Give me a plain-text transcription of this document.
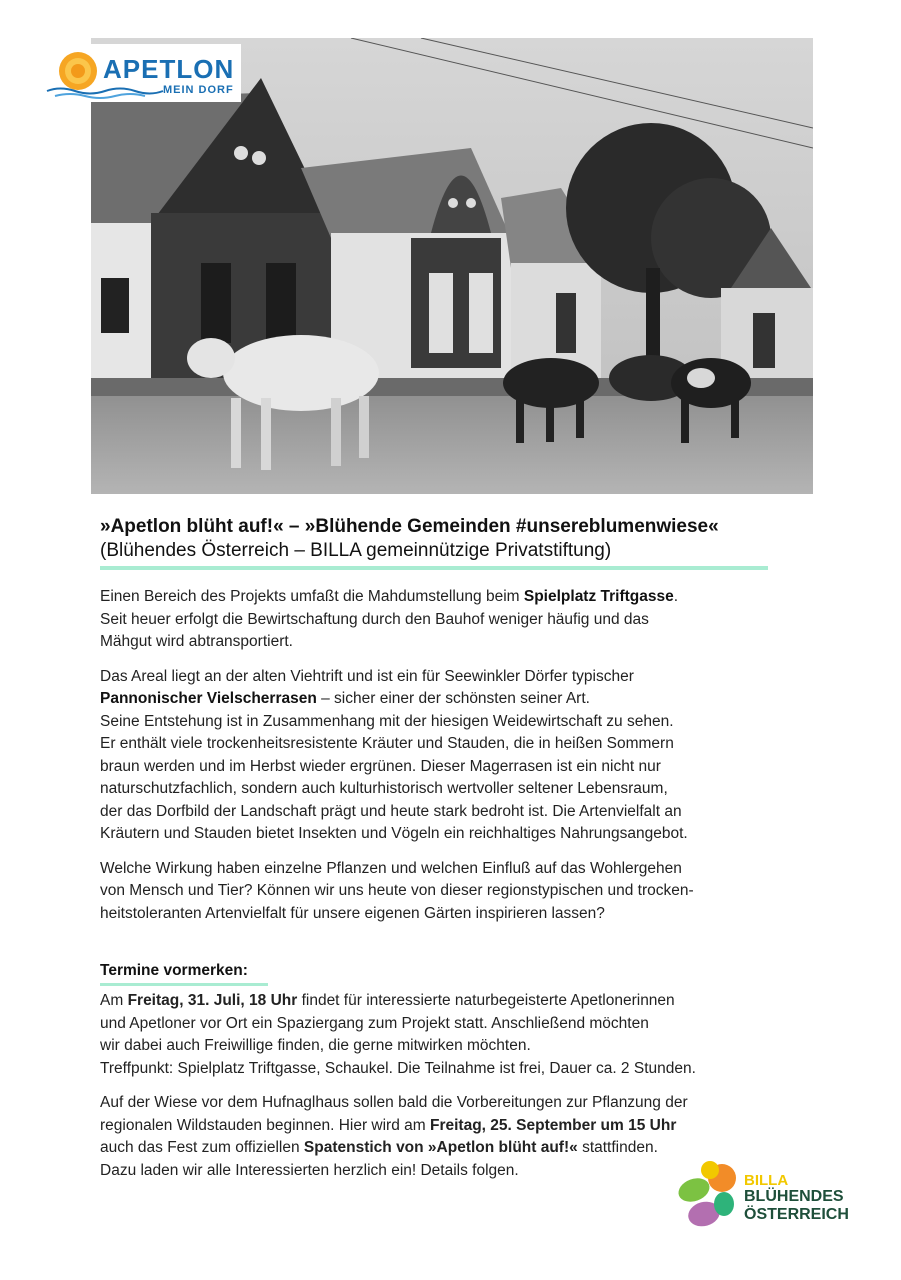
APETLON
MEIN DORF
»Apetlon blüht auf!« – »Blühende Gemeinden #unsereblumenwiese«
(Blühendes Österreich – BILLA gemeinnützige Privatstiftung)

Einen Bereich des Projekts umfaßt die Mahdumstellung beim Spielplatz Triftgasse.
Seit heuer erfolgt die Bewirtschaftung durch den Bauhof weniger häufig und das
Mähgut wird abtransportiert.

Das Areal liegt an der alten Viehtrift und ist ein für Seewinkler Dörfer typischer
Pannonischer Vielscherrasen – sicher einer der schönsten seiner Art.
Seine Entstehung ist in Zusammenhang mit der hiesigen Weidewirtschaft zu sehen.
Er enthält viele trockenheitsresistente Kräuter und Stauden, die in heißen Sommern
braun werden und im Herbst wieder ergrünen. Dieser Magerrasen ist ein nicht nur
naturschutzfachlich, sondern auch kulturhistorisch wertvoller seltener Lebensraum,
der das Dorfbild der Landschaft prägt und heute stark bedroht ist. Die Artenvielfalt an
Kräutern und Stauden bietet Insekten und Vögeln ein reichhaltiges Nahrungsangebot.

Welche Wirkung haben einzelne Pflanzen und welchen Einfluß auf das Wohlergehen
von Mensch und Tier? Können wir uns heute von dieser regionstypischen und trocken-
heitstoleranten Artenvielfalt für unsere eigenen Gärten inspirieren lassen?

Termine vormerken:

Am Freitag, 31. Juli, 18 Uhr findet für interessierte naturbegeisterte Apetlonerinnen
und Apetloner vor Ort ein Spaziergang zum Projekt statt. Anschließend möchten
wir dabei auch Freiwillige finden, die gerne mitwirken möchten.
Treffpunkt: Spielplatz Triftgasse, Schaukel. Die Teilnahme ist frei, Dauer ca. 2 Stunden.

Auf der Wiese vor dem Hufnaglhaus sollen bald die Vorbereitungen zur Pflanzung der
regionalen Wildstauden beginnen. Hier wird am Freitag, 25. September um 15 Uhr
auch das Fest zum offiziellen Spatenstich von »Apetlon blüht auf!« stattfinden.
Dazu laden wir alle Interessierten herzlich ein! Details folgen.

BILLA
BLÜHENDES
ÖSTERREICH
